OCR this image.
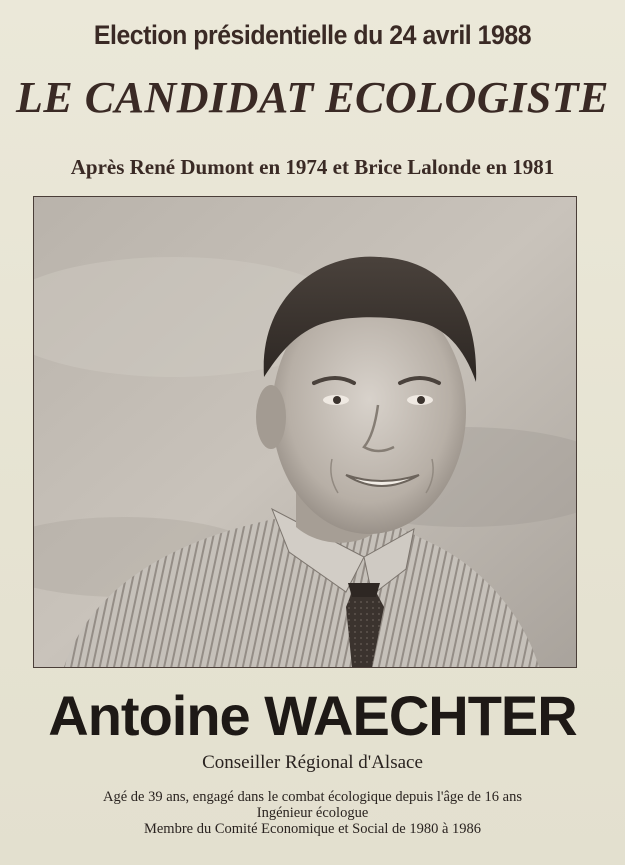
Election présidentielle du 24 avril 1988
LE CANDIDAT ECOLOGISTE
Après René Dumont en 1974 et Brice Lalonde en 1981
Antoine WAECHTER
Conseiller Régional d'Alsace
Agé de 39 ans, engagé dans le combat écologique depuis l'âge de 16 ans
Ingénieur écologue
Membre du Comité Economique et Social de 1980 à 1986
